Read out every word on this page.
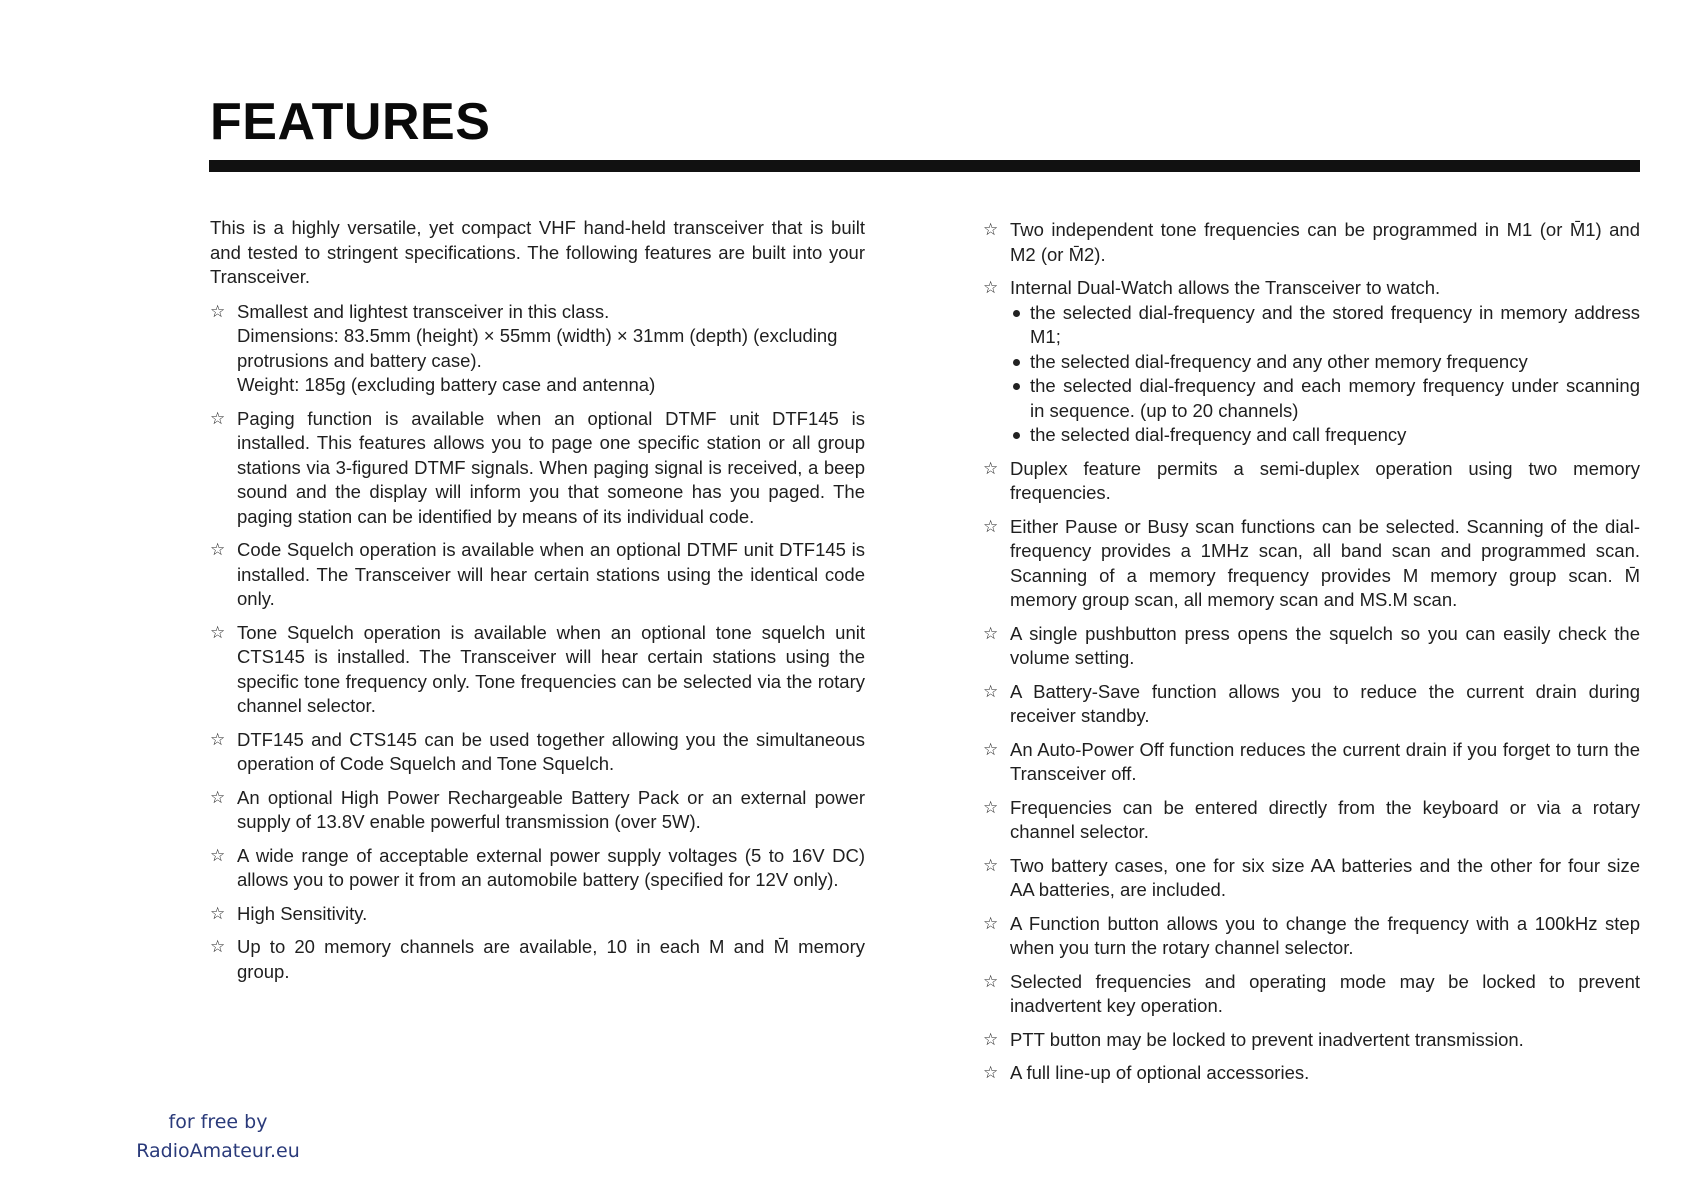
FEATURES

This is a highly versatile, yet compact VHF hand-held transceiver that is built and tested to stringent specifications. The following features are built into your Transceiver.

☆ Smallest and lightest transceiver in this class.

Dimensions: 83.5mm (height) × 55mm (width) × 31mm (depth) (excluding protrusions and battery case).

Weight: 185g (excluding battery case and antenna)

☆ Paging function is available when an optional DTMF unit DTF145 is installed. This features allows you to page one specific station or all group stations via 3-figured DTMF signals. When paging signal is received, a beep sound and the display will inform you that someone has you paged. The paging station can be identified by means of its individual code.

☆ Code Squelch operation is available when an optional DTMF unit DTF145 is installed. The Transceiver will hear certain stations using the identical code only.

☆ Tone Squelch operation is available when an optional tone squelch unit CTS145 is installed. The Transceiver will hear certain stations using the specific tone frequency only. Tone frequencies can be selected via the rotary channel selector.

☆ DTF145 and CTS145 can be used together allowing you the simultaneous operation of Code Squelch and Tone Squelch.

☆ An optional High Power Rechargeable Battery Pack or an external power supply of 13.8V enable powerful transmission (over 5W).

☆ A wide range of acceptable external power supply voltages (5 to 16V DC) allows you to power it from an automobile battery (specified for 12V only).

☆ High Sensitivity.

☆ Up to 20 memory channels are available, 10 in each M and M̄ memory group.

☆ Two independent tone frequencies can be programmed in M1 (or M̄1) and M2 (or M̄2).

☆ Internal Dual-Watch allows the Transceiver to watch.

the selected dial-frequency and the stored frequency in memory address M1;
the selected dial-frequency and any other memory frequency
the selected dial-frequency and each memory frequency under scanning in sequence. (up to 20 channels)
the selected dial-frequency and call frequency
☆ Duplex feature permits a semi-duplex operation using two memory frequencies.

☆ Either Pause or Busy scan functions can be selected. Scanning of the dial-frequency provides a 1MHz scan, all band scan and programmed scan. Scanning of a memory frequency provides M memory group scan. M̄ memory group scan, all memory scan and MS.M scan.

☆ A single pushbutton press opens the squelch so you can easily check the volume setting.

☆ A Battery-Save function allows you to reduce the current drain during receiver standby.

☆ An Auto-Power Off function reduces the current drain if you forget to turn the Transceiver off.

☆ Frequencies can be entered directly from the keyboard or via a rotary channel selector.

☆ Two battery cases, one for six size AA batteries and the other for four size AA batteries, are included.

☆ A Function button allows you to change the frequency with a 100kHz step when you turn the rotary channel selector.

☆ Selected frequencies and operating mode may be locked to prevent inadvertent key operation.

☆ PTT button may be locked to prevent inadvertent transmission.

☆ A full line-up of optional accessories.

for free by
RadioAmateur.eu
